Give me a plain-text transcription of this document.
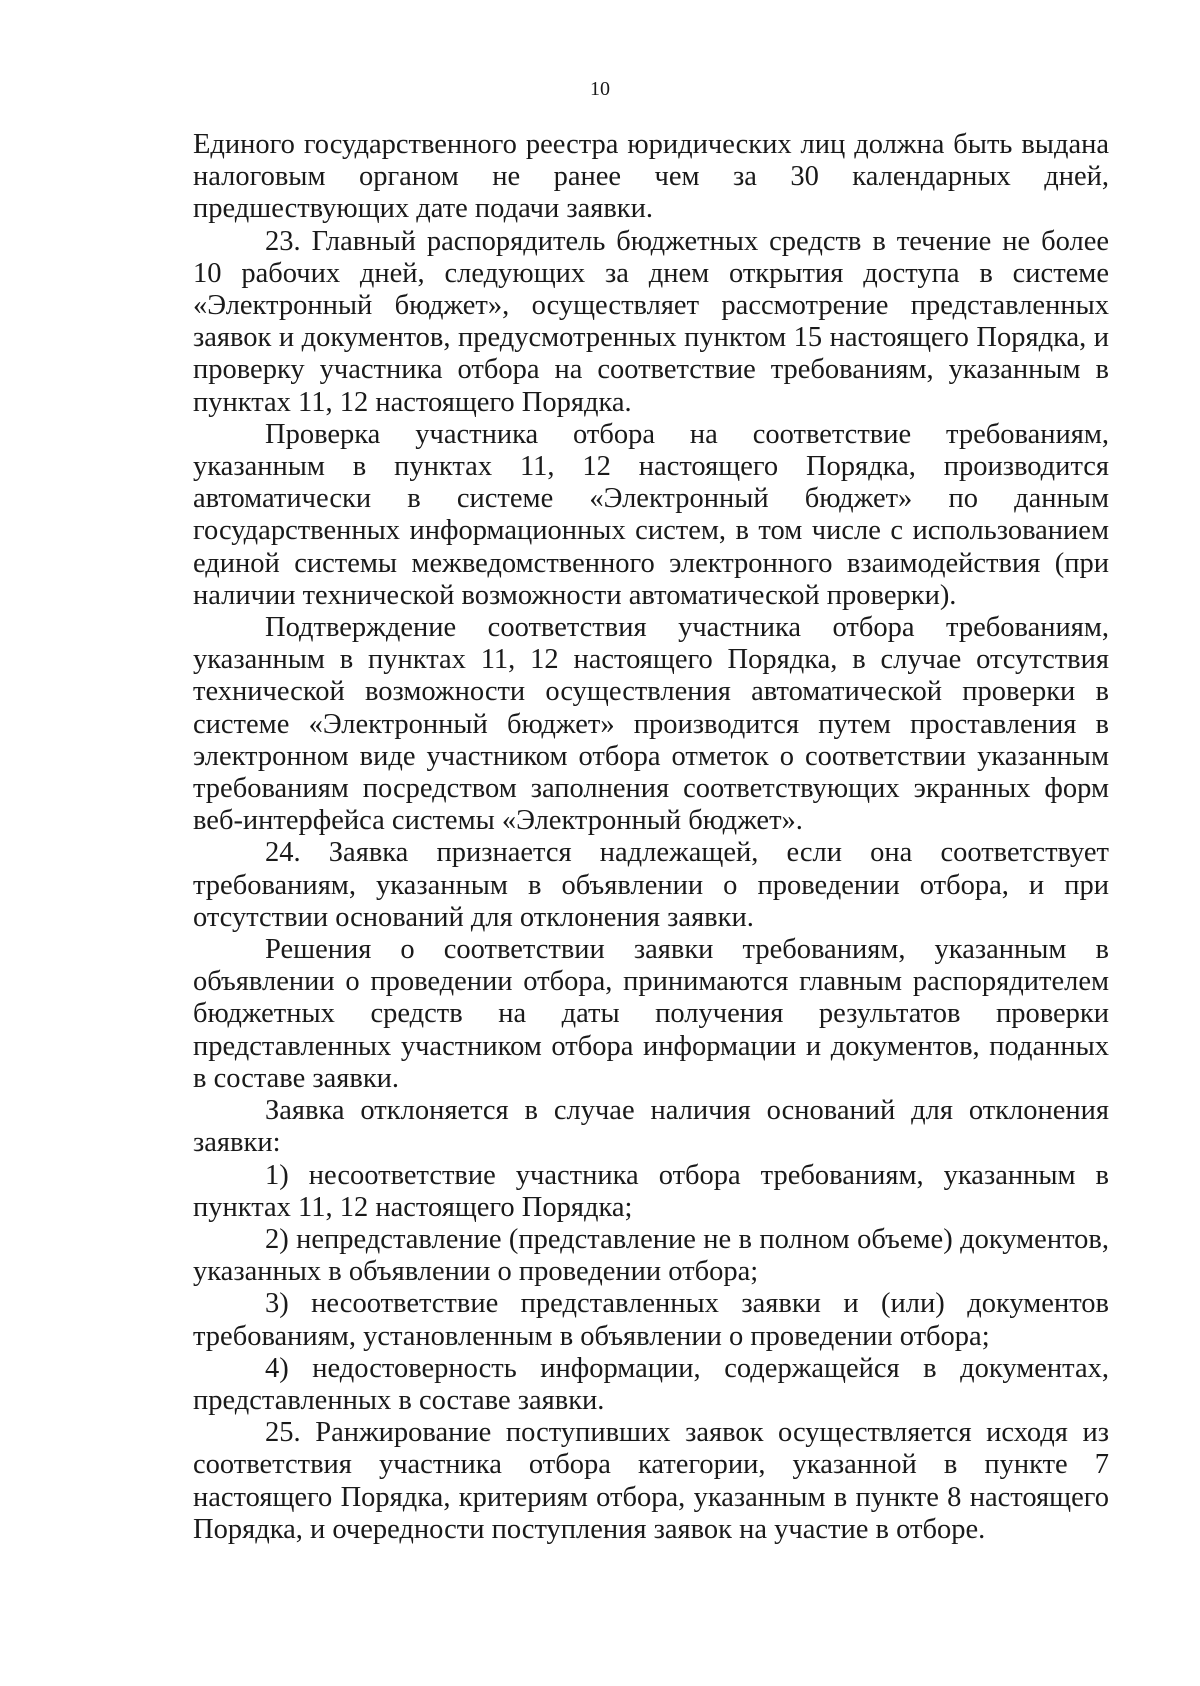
10

Единого государственного реестра юридических лиц должна быть выдана налоговым органом не ранее чем за 30 календарных дней, предшествующих дате подачи заявки.

23. Главный распорядитель бюджетных средств в течение не более 10 рабочих дней, следующих за днем открытия доступа в системе «Электронный бюджет», осуществляет рассмотрение представленных заявок и документов, предусмотренных пунктом 15 настоящего Порядка, и проверку участника отбора на соответствие требованиям, указанным в пунктах 11, 12 настоящего Порядка.

Проверка участника отбора на соответствие требованиям, указанным в пунктах 11, 12 настоящего Порядка, производится автоматически в системе «Электронный бюджет» по данным государственных информационных систем, в том числе с использованием единой системы межведомственного электронного взаимодействия (при наличии технической возможности автоматической проверки).

Подтверждение соответствия участника отбора требованиям, указанным в пунктах 11, 12 настоящего Порядка, в случае отсутствия технической возможности осуществления автоматической проверки в системе «Электронный бюджет» производится путем проставления в электронном виде участником отбора отметок о соответствии указанным требованиям посредством заполнения соответствующих экранных форм веб-интерфейса системы «Электронный бюджет».

24. Заявка признается надлежащей, если она соответствует требованиям, указанным в объявлении о проведении отбора, и при отсутствии оснований для отклонения заявки.

Решения о соответствии заявки требованиям, указанным в объявлении о проведении отбора, принимаются главным распорядителем бюджетных средств на даты получения результатов проверки представленных участником отбора информации и документов, поданных в составе заявки.

Заявка отклоняется в случае наличия оснований для отклонения заявки:

1) несоответствие участника отбора требованиям, указанным в пунктах 11, 12 настоящего Порядка;

2) непредставление (представление не в полном объеме) документов, указанных в объявлении о проведении отбора;

3) несоответствие представленных заявки и (или) документов требованиям, установленным в объявлении о проведении отбора;

4) недостоверность информации, содержащейся в документах, представленных в составе заявки.

25. Ранжирование поступивших заявок осуществляется исходя из соответствия участника отбора категории, указанной в пункте 7 настоящего Порядка, критериям отбора, указанным в пункте 8 настоящего Порядка, и очередности поступления заявок на участие в отборе.
